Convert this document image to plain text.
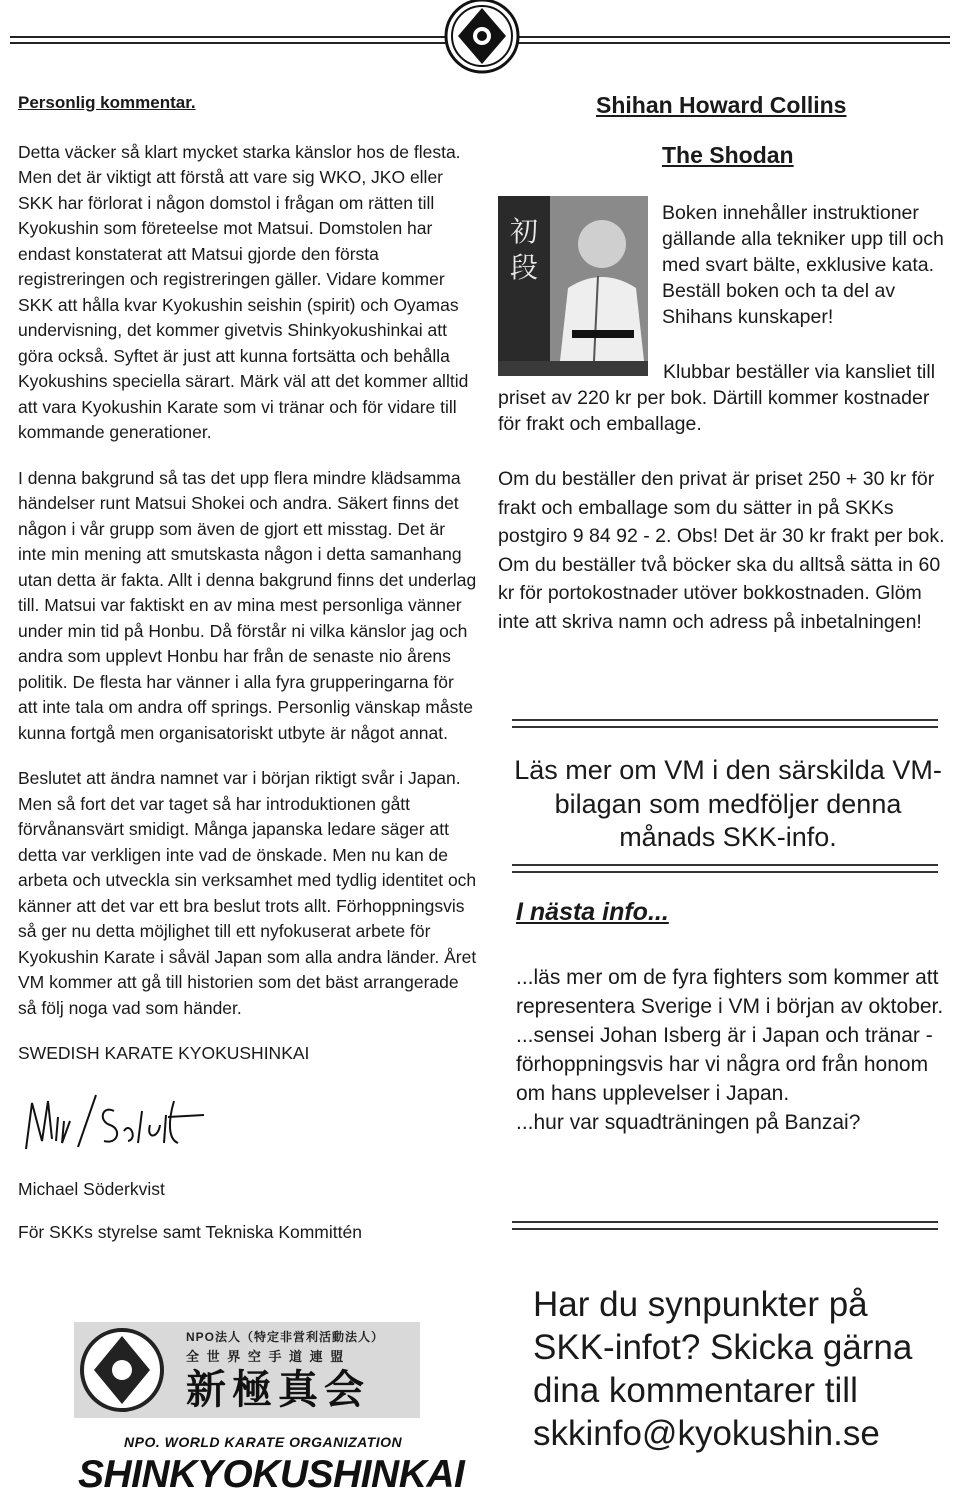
Personlig kommentar.

Detta väcker så klart mycket starka känslor hos de flesta. Men det är viktigt att förstå att vare sig WKO, JKO eller SKK har förlorat i någon domstol i frågan om rätten till Kyokushin som företeelse mot Matsui. Domstolen har endast konstaterat att Matsui gjorde den första registreringen och registreringen gäller. Vidare kommer SKK att hålla kvar Kyokushin seishin (spirit) och Oyamas undervisning, det kommer givetvis Shinkyokushinkai att göra också. Syftet är just att kunna fortsätta och behålla Kyokushins speciella särart. Märk väl att det kommer alltid att vara Kyokushin Karate som vi tränar och för vidare till kommande generationer.

I denna bakgrund så tas det upp flera mindre klädsamma händelser runt Matsui Shokei och andra. Säkert finns det någon i vår grupp som även de gjort ett misstag. Det är inte min mening att smutskasta någon i detta samanhang utan detta är fakta. Allt i denna bakgrund finns det underlag till. Matsui var faktiskt en av mina mest personliga vänner under min tid på Honbu. Då förstår ni vilka känslor jag och andra som upplevt Honbu har från de senaste nio årens politik. De flesta har vänner i alla fyra grupperingarna för att inte tala om andra off springs. Personlig vänskap måste kunna fortgå men organisatoriskt utbyte är något annat.

Beslutet att ändra namnet var i början riktigt svår i Japan. Men så fort det var taget så har introduktionen gått förvånansvärt smidigt. Många japanska ledare säger att detta var verkligen inte vad de önskade. Men nu kan de arbeta och utveckla sin verksamhet med tydlig identitet och känner att det var ett bra beslut trots allt. Förhoppningsvis så ger nu detta möjlighet till ett nyfokuserat arbete för Kyokushin Karate i såväl Japan som alla andra länder. Året VM kommer att gå till historien som det bäst arrangerade så följ noga vad som händer.

SWEDISH KARATE KYOKUSHINKAI

Michael Söderkvist

För SKKs styrelse samt Tekniska Kommittén

NPO法人（特定非営利活動法人）
全 世 界 空 手 道 連 盟
新極真会
NPO. WORLD KARATE ORGANIZATION
SHINKYOKUSHINKAI
Shihan Howard Collins
The Shodan
初段

Boken innehåller instruktioner gällande alla tekniker upp till och med svart bälte, exklusive kata. Beställ boken och ta del av Shihans kunskaper!

Klubbar beställer via kansliet till priset av 220 kr per bok. Därtill kommer kostnader för frakt och emballage.

Om du beställer den privat är priset 250 + 30 kr för frakt och emballage som du sätter in på SKKs postgiro 9 84 92 - 2. Obs! Det är 30 kr frakt per bok. Om du beställer två böcker ska du alltså sätta in 60 kr för portokostnader utöver bokkostnaden. Glöm inte att skriva namn och adress på inbetalningen!

Läs mer om VM i den särskilda VM-bilagan som medföljer denna månads SKK-info.

I nästa info...

...läs mer om de fyra fighters som kommer att representera Sverige i VM i början av oktober.
...sensei Johan Isberg är i Japan och tränar - förhoppningsvis har vi några ord från honom om hans upplevelser i Japan.
...hur var squadträningen på Banzai?

Har du synpunkter på SKK-infot? Skicka gärna dina kommentarer till skkinfo@kyokushin.se
